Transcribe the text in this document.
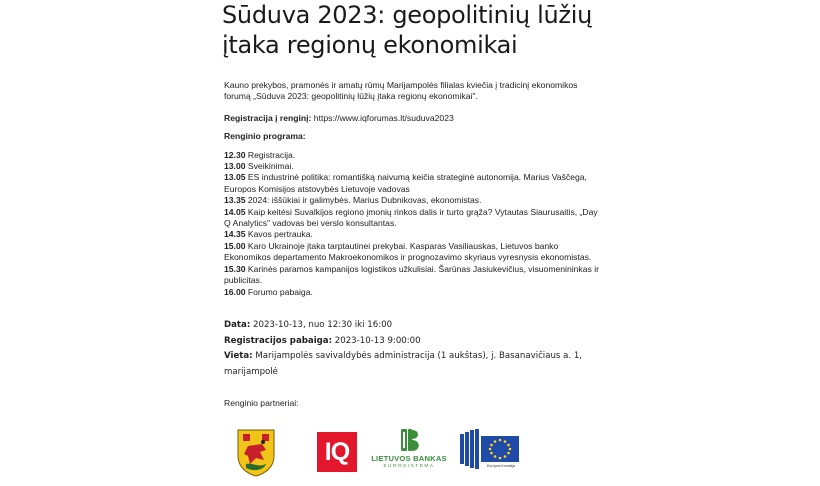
Sūduva 2023: geopolitinių lūžių
įtaka regionų ekonomikai

Kauno prekybos, pramonės ir amatų rūmų Marijampolės filialas kviečia į tradicinį ekonomikos forumą „Sūduva 2023: geopolitinių lūžių įtaka regionų ekonomikai".

Registracija į renginį: https://www.iqforumas.lt/suduva2023

Renginio programa:

12.30 Registracija.

13.00 Sveikinimai.

13.05 ES industrinė politika: romantišką naivumą keičia strateginė autonomija. Marius Vaščega, Europos Komisijos atstovybės Lietuvoje vadovas

13.35 2024: iššūkiai ir galimybės. Marius Dubnikovas, ekonomistas.

14.05 Kaip keitėsi Suvalkijos regiono įmonių rinkos dalis ir turto grąža? Vytautas Siaurusaitis, „Day Q Analytics" vadovas bei verslo konsultantas.

14.35 Kavos pertrauka.

15.00 Karo Ukrainoje įtaka tarptautinei prekybai. Kasparas Vasiliauskas, Lietuvos banko Ekonomikos departamento Makroekonomikos ir prognozavimo skyriaus vyresnysis ekonomistas.

15.30 Karinės paramos kampanijos logistikos užkulisiai. Šarūnas Jasiukevičius, visuomenininkas ir publicitas.

16.00 Forumo pabaiga.

Data: 2023-10-13, nuo 12:30 iki 16:00
Registracijos pabaiga: 2023-10-13 9:00:00
Vieta: Marijampolės savivaldybės administracija (1 aukštas), j. Basanavičiaus a. 1,
marijampolė
Renginio partneriai:
IQ	LIETUVOS BANKAS
EUROSISTEMA	Europos Komisija
